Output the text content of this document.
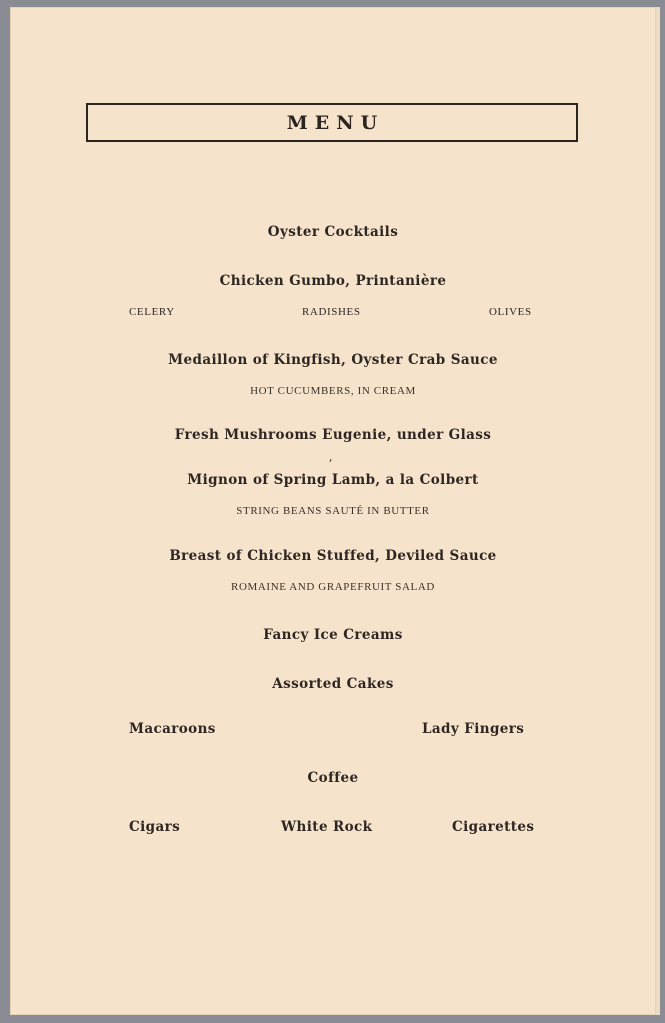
MENU
Oyster Cocktails
Chicken Gumbo, Printanière
CELERY	RADISHES	OLIVES
Medaillon of Kingfish, Oyster Crab Sauce
HOT CUCUMBERS, IN CREAM
Fresh Mushrooms Eugenie, under Glass
Mignon of Spring Lamb, a la Colbert
STRING BEANS SAUTÉ IN BUTTER
Breast of Chicken Stuffed, Deviled Sauce
ROMAINE AND GRAPEFRUIT SALAD
Fancy Ice Creams
Assorted Cakes
Macaroons	Lady Fingers
Coffee
Cigars	White Rock	Cigarettes
